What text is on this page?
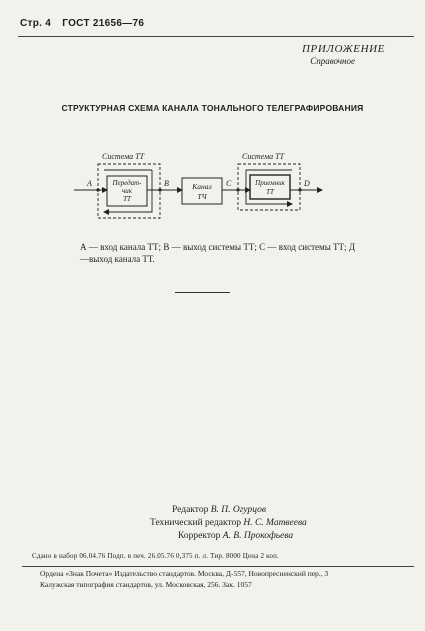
Стр. 4 ГОСТ 21656—76
ПРИЛОЖЕНИЕ
Справочное
СТРУКТУРНАЯ СХЕМА КАНАЛА ТОНАЛЬНОГО ТЕЛЕГРАФИРОВАНИЯ
Система ТТ
Передат-
чик
ТТ
Канал
ТЧ
Система ТТ
Приемник
ТТ
А	В	С	D
А — вход канала ТТ; В — выход системы ТТ; С — вход системы ТТ; Д—выход канала ТТ.
Редактор В. П. Огурцов
Технический редактор Н. С. Матвеева
Корректор А. В. Прокофьева
Сдано в набор 06.04.76 Подп. в печ. 26.05.76 0,375 п. л. Тир. 8000 Цена 2 коп.
Ордена «Знак Почета» Издательство стандартов. Москва, Д-557, Новопресненский пер., 3
Калужская типография стандартов, ул. Московская, 256. Зак. 1057
